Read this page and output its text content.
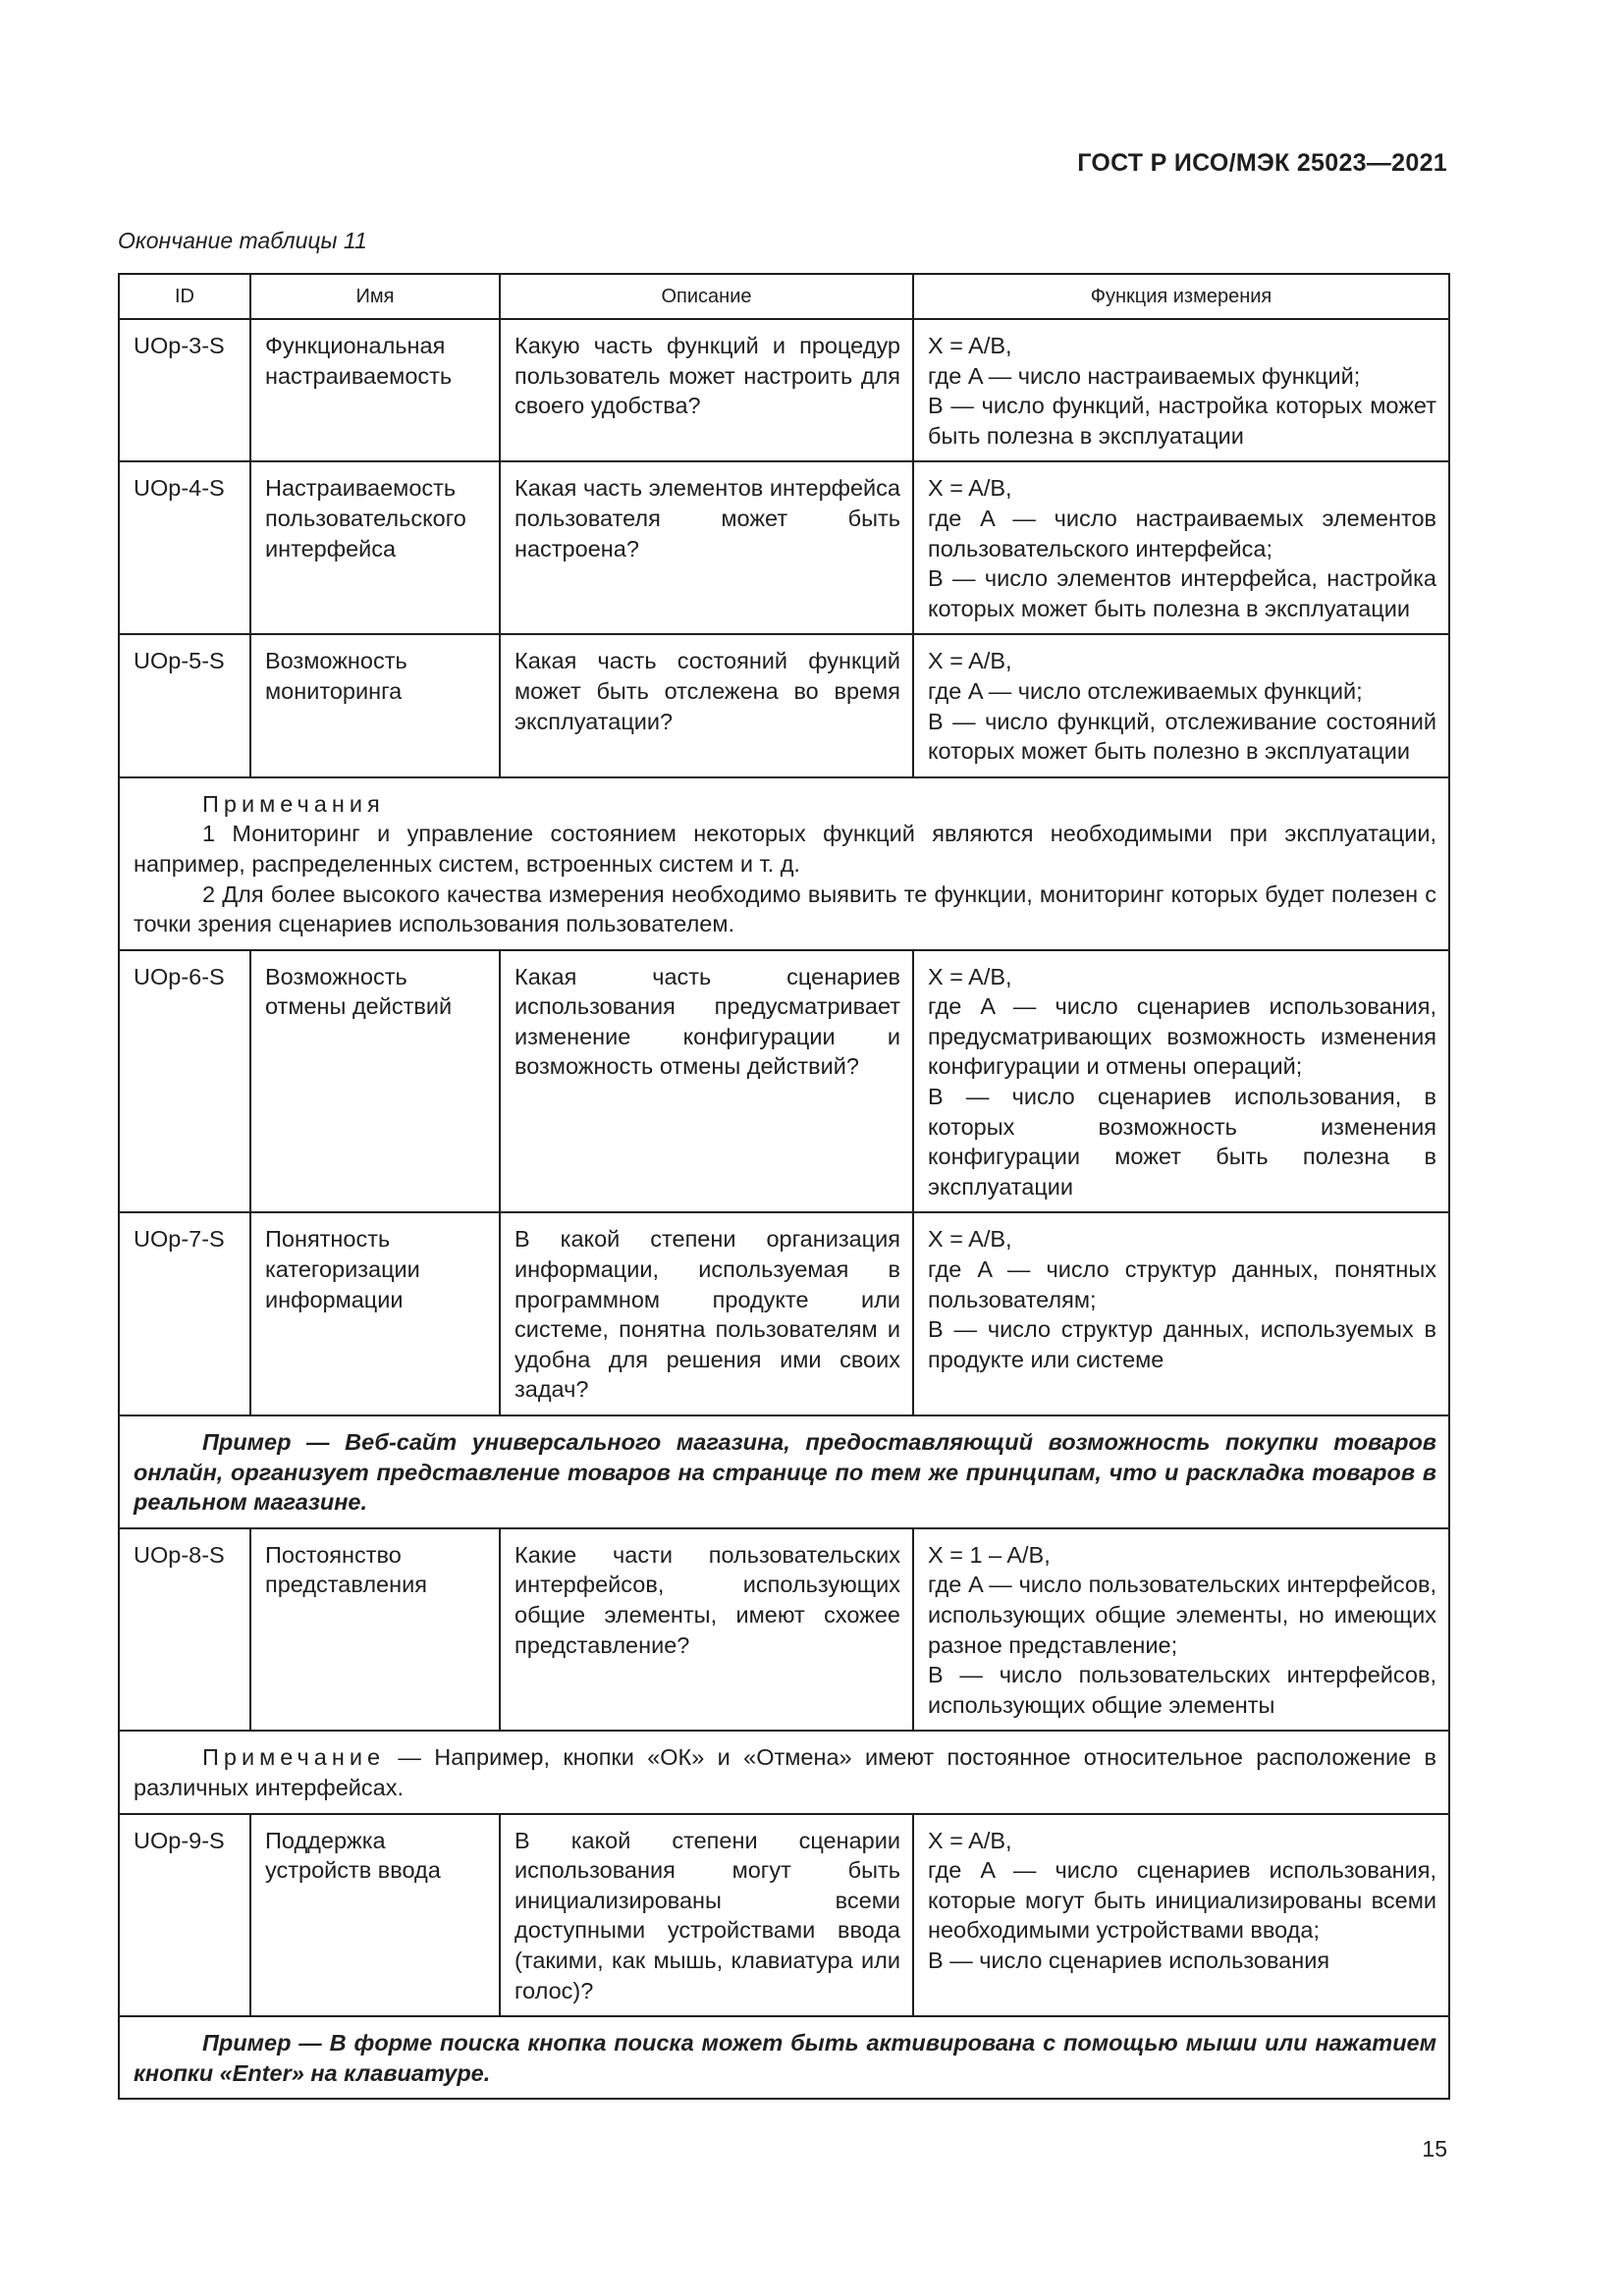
ГОСТ Р ИСО/МЭК 25023—2021
Окончание таблицы 11
ID	Имя	Описание	Функция измерения
UOp-3-S	Функциональная
настраиваемость	Какую часть функций и процедур пользователь может настроить для своего удобства?	X = A/B,
где A — число настраиваемых функций;
B — число функций, настройка которых может быть полезна в эксплуатации

UOp-4-S	Настраиваемость
пользовательского
интерфейса	Какая часть элементов интерфейса пользователя может быть настроена?	X = A/B,
где A — число настраиваемых элементов пользовательского интерфейса;
B — число элементов интерфейса, настройка которых может быть полезна в эксплуатации

UOp-5-S	Возможность
мониторинга	Какая часть состояний функций может быть отслежена во время эксплуатации?	X = A/B,
где A — число отслеживаемых функций;
B — число функций, отслеживание состояний которых может быть полезно в эксплуатации

Примечания
1 Мониторинг и управление состоянием некоторых функций являются необходимыми при эксплуатации, например, распределенных систем, встроенных систем и т. д.
2 Для более высокого качества измерения необходимо выявить те функции, мониторинг которых будет полезен с точки зрения сценариев использования пользователем.			

UOp-6-S	Возможность
отмены действий	Какая часть сценариев использования предусматривает изменение конфигурации и возможность отмены действий?	X = A/B,
где A — число сценариев использования, предусматривающих возможность изменения конфигурации и отмены операций;
B — число сценариев использования, в которых возможность изменения конфигурации может быть полезна в эксплуатации

UOp-7-S	Понятность
категоризации
информации	В какой степени организация информации, используемая в программном продукте или системе, понятна пользователям и удобна для решения ими своих задач?	X = A/B,
где A — число структур данных, понятных пользователям;
B — число структур данных, используемых в продукте или системе

Пример — Веб-сайт универсального магазина, предоставляющий возможность покупки товаров онлайн, организует представление товаров на странице по тем же принципам, что и раскладка товаров в реальном магазине.			

UOp-8-S	Постоянство представления	Какие части пользовательских интерфейсов, использующих общие элементы, имеют схожее представление?	X = 1 – A/B,
где A — число пользовательских интерфейсов, использующих общие элементы, но имеющих разное представление;
B — число пользовательских интерфейсов, использующих общие элементы

Примечание — Например, кнопки «ОК» и «Отмена» имеют постоянное относительное расположение в различных интерфейсах.			

UOp-9-S	Поддержка
устройств ввода	В какой степени сценарии использования могут быть инициализированы всеми доступными устройствами ввода (такими, как мышь, клавиатура или голос)?	X = A/B,
где A — число сценариев использования, которые могут быть инициализированы всеми необходимыми устройствами ввода;
B — число сценариев использования

Пример — В форме поиска кнопка поиска может быть активирована с помощью мыши или нажатием кнопки «Enter» на клавиатуре.			
15
